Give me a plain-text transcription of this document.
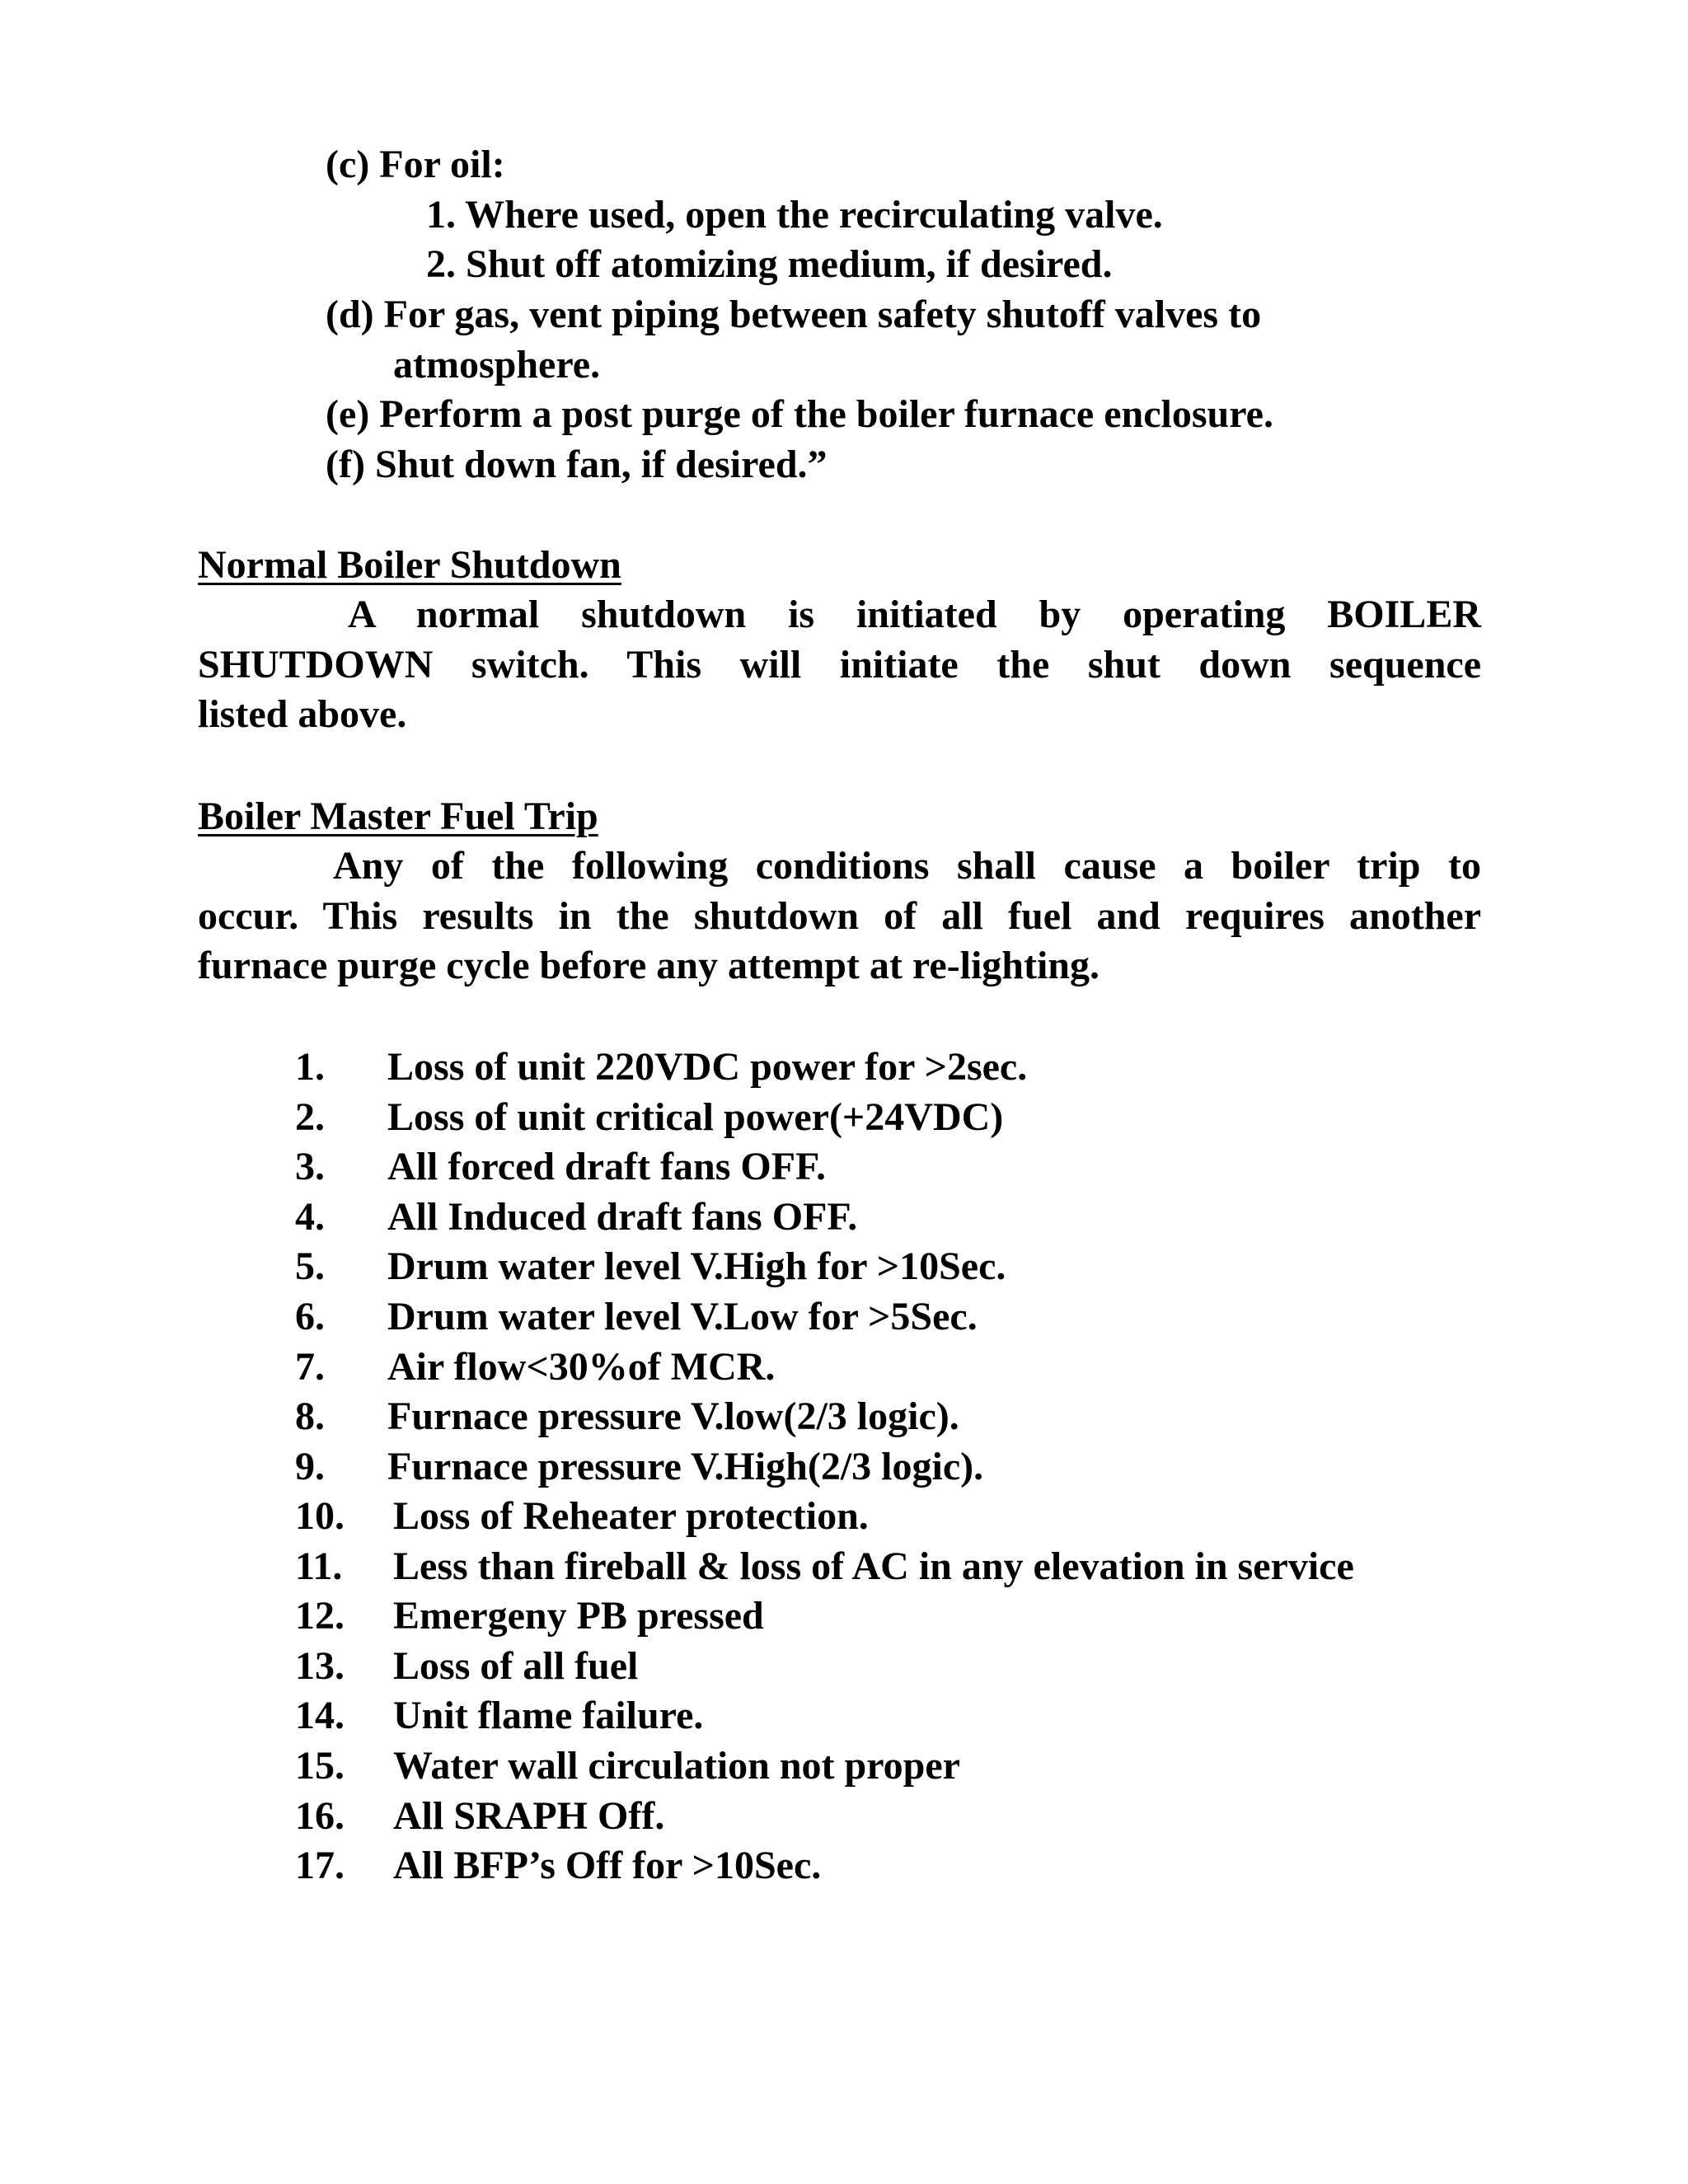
(c) For oil:
1. Where used, open the recirculating valve.
2. Shut off atomizing medium, if desired.
(d) For gas, vent piping between safety shutoff valves to
atmosphere.
(e) Perform a post purge of the boiler furnace enclosure.
(f) Shut down fan, if desired.”
Normal Boiler Shutdown
A normal shutdown is initiated by operating BOILER
SHUTDOWN switch. This will initiate the shut down sequence
listed above.
Boiler Master Fuel Trip
Any of the following conditions shall cause a boiler trip to
occur. This results in the shutdown of all fuel and requires another
furnace purge cycle before any attempt at re-lighting.
1. Loss of unit 220VDC power for >2sec.
2. Loss of unit critical power(+24VDC)
3. All forced draft fans OFF.
4. All Induced draft fans OFF.
5. Drum water level V.High for >10Sec.
6. Drum water level V.Low for >5Sec.
7. Air flow<30%of MCR.
8. Furnace pressure V.low(2/3 logic).
9. Furnace pressure V.High(2/3 logic).
10. Loss of Reheater protection.
11. Less than fireball & loss of AC in any elevation in service
12. Emergeny PB pressed
13. Loss of all fuel
14. Unit flame failure.
15. Water wall circulation not proper
16. All SRAPH Off.
17. All BFP’s Off for >10Sec.
